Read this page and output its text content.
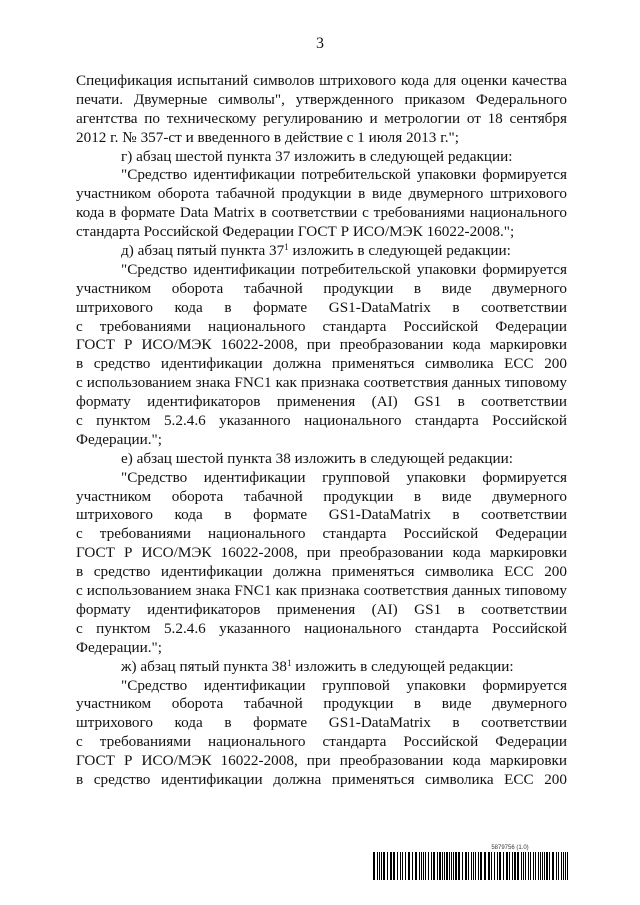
3
Спецификация испытаний символов штрихового кода для оценки качества
печати. Двумерные символы", утвержденного приказом Федерального
агентства по техническому регулированию и метрологии от 18 сентября
2012 г. № 357-ст и введенного в действие с 1 июля 2013 г.";
г) абзац шестой пункта 37 изложить в следующей редакции:
"Средство идентификации потребительской упаковки формируется
участником оборота табачной продукции в виде двумерного штрихового
кода в формате Data Matrix в соответствии с требованиями национального
стандарта Российской Федерации ГОСТ Р ИСО/МЭК 16022-2008.";
д) абзац пятый пункта $37^1$ изложить в следующей редакции:
"Средство идентификации потребительской упаковки формируется
участником оборота табачной продукции в виде двумерного
штрихового кода в формате GS1-DataMatrix в соответствии
с требованиями национального стандарта Российской Федерации
ГОСТ Р ИСО/МЭК 16022-2008, при преобразовании кода маркировки
в средство идентификации должна применяться символика ECC 200
с использованием знака FNC1 как признака соответствия данных типовому
формату идентификаторов применения (AI) GS1 в соответствии
с пунктом 5.2.4.6 указанного национального стандарта Российской
Федерации.";
е) абзац шестой пункта 38 изложить в следующей редакции:
"Средство идентификации групповой упаковки формируется
участником оборота табачной продукции в виде двумерного
штрихового кода в формате GS1-DataMatrix в соответствии
с требованиями национального стандарта Российской Федерации
ГОСТ Р ИСО/МЭК 16022-2008, при преобразовании кода маркировки
в средство идентификации должна применяться символика ECC 200
с использованием знака FNC1 как признака соответствия данных типовому
формату идентификаторов применения (AI) GS1 в соответствии
с пунктом 5.2.4.6 указанного национального стандарта Российской
Федерации.";
ж) абзац пятый пункта $38^1$ изложить в следующей редакции:
"Средство идентификации групповой упаковки формируется
участником оборота табачной продукции в виде двумерного
штрихового кода в формате GS1-DataMatrix в соответствии
с требованиями национального стандарта Российской Федерации
ГОСТ Р ИСО/МЭК 16022-2008, при преобразовании кода маркировки
в средство идентификации должна применяться символика ECC 200
5879756 (1.0)
